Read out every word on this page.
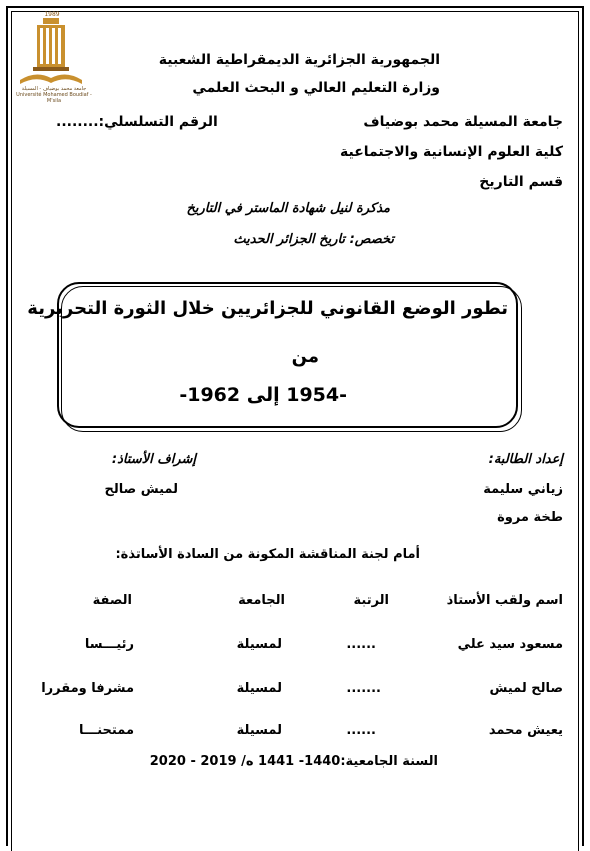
1989
جامعة محمد بوضياف - المسيلة
Université Mohamed Boudiaf - M'sila
الجمهورية الجزائرية الديمقراطية الشعبية
وزارة التعليم العالي و البحث العلمي
جامعة المسيلة محمد بوضياف
الرقم التسلسلي:........
كلية العلوم الإنسانية والاجتماعية
قسم التاريخ
مذكرة لنيل شهادة الماستر في التاريخ
تخصص: تاريخ الجزائر الحديث
تطور الوضع القانوني للجزائريين خلال الثورة التحريرية
من
-1954 إلى 1962-
إعداد الطالبة:
زياني سليمة
طخة مروة
إشراف الأستاذ:
لميش صالح
أمام لجنة المناقشة المكونة من السادة الأساتذة:
اسم ولقب الأستاذ
الرتبة
الجامعة
الصفة
مسعود سيد علي
......
لمسيلة
رئيـــسا
صالح لميش
.......
لمسيلة
مشرفا ومقررا
يعيش محمد
......
لمسيلة
ممتحنـــا
السنة الجامعية:1440- 1441 ه/ 2019 - 2020
